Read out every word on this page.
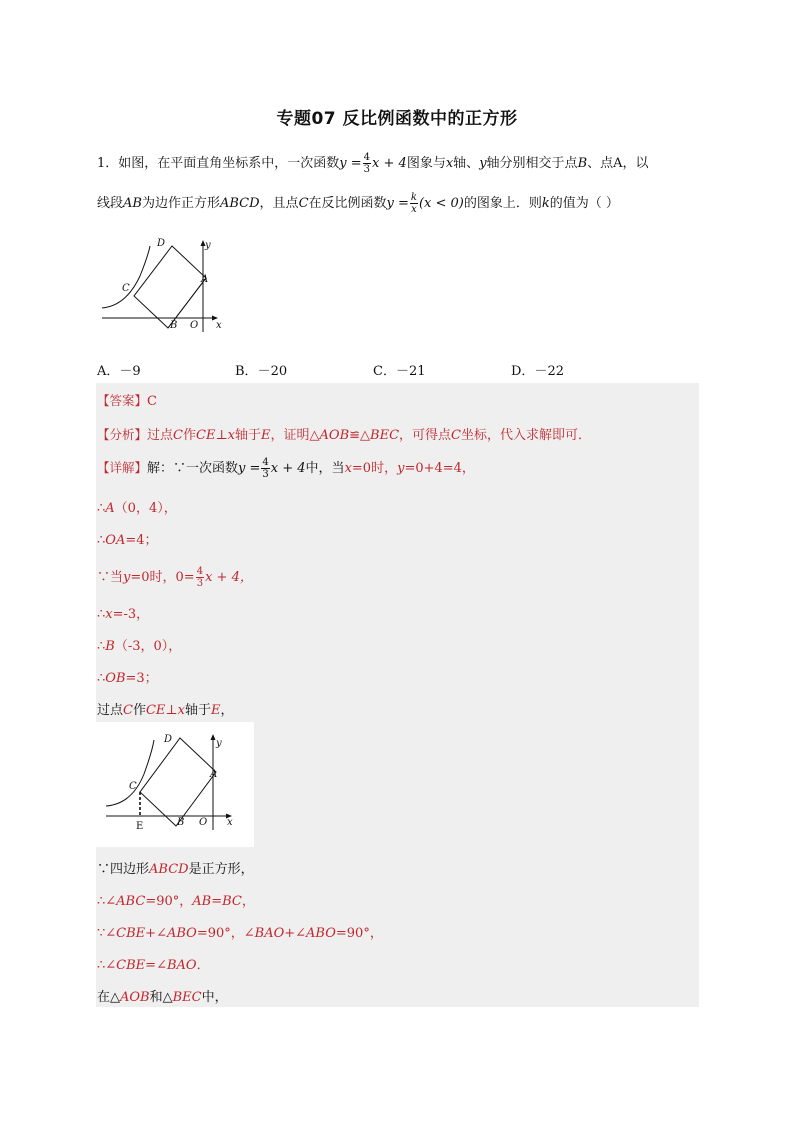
专题07 反比例函数中的正方形
1．如图，在平面直角坐标系中，一次函数$y = \frac{4}{3}$ x + 4图象与x轴、y轴分别相交于点B、点A，以
线段AB为边作正方形ABCD，且点C在反比例函数$y = \frac{k}{x} (x < 0)$的图象上．则k的值为（ ）
D	y
C
A
B O x
A．－9	B．－20	C．－21	D．－22
【答案】C
【分析】过点C作CE⊥x轴于E，证明△AOB≌△BEC，可得点C坐标，代入求解即可．
【详解】解：∵一次函数$y = \frac{4}{3}$ x + 4中，当x=0时，y=0+4=4，
∴A（0，4），
∴OA=4；
∵当y=0时，$0= \frac{4}{3}$ x + 4，
∴x=-3，
∴B（-3，0），
∴OB=3；
过点C作CE⊥x轴于E，
D	y
C
A
E	B O x
∵四边形ABCD是正方形，
∴∠ABC=90°，AB=BC，
∵∠CBE+∠ABO=90°，∠BAO+∠ABO=90°，
∴∠CBE=∠BAO．
在△AOB和△BEC中，
